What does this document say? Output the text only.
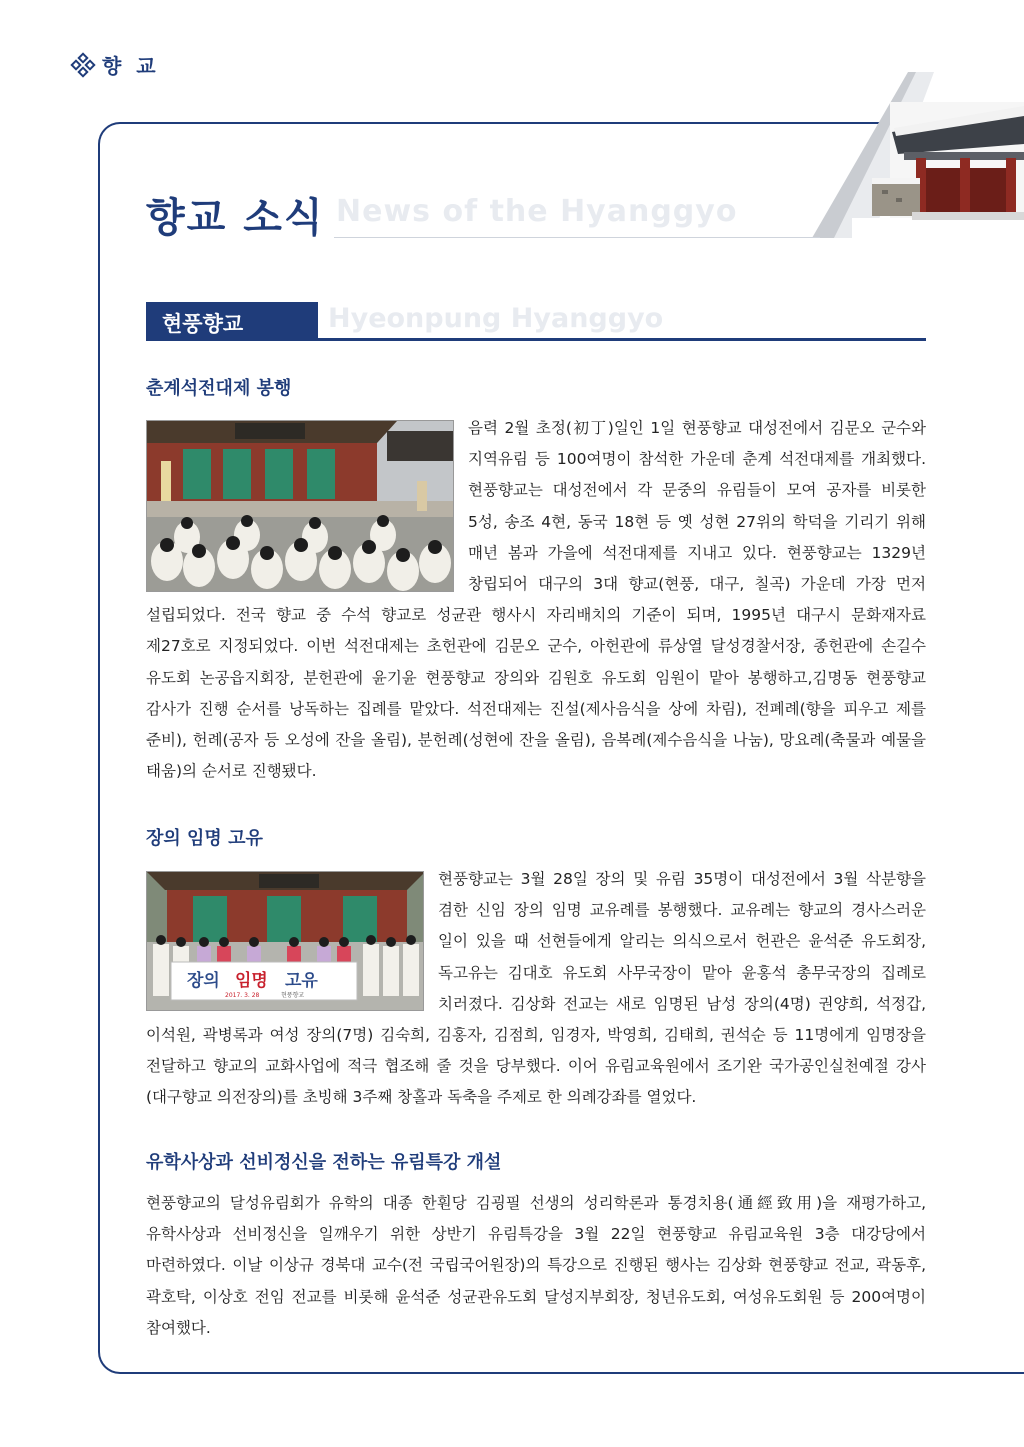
향 교
향교 소식 News of the Hyanggyo
현풍향교	Hyeonpung Hyanggyo
춘계석전대제 봉행
음력 2월 초정(初丁)일인 1일 현풍향교 대성전에서 김문오 군수와 지역유림 등 100여명이 참석한 가운데 춘계 석전대제를 개최했다. 현풍향교는 대성전에서 각 문중의 유림들이 모여 공자를 비롯한 5성, 송조 4현, 동국 18현 등 옛 성현 27위의 학덕을 기리기 위해 매년 봄과 가을에 석전대제를 지내고 있다. 현풍향교는 1329년 창립되어 대구의 3대 향교(현풍, 대구, 칠곡) 가운데 가장 먼저 설립되었다. 전국 향교 중 수석 향교로 성균관 행사시 자리배치의 기준이 되며, 1995년 대구시 문화재자료 제27호로 지정되었다. 이번 석전대제는 초헌관에 김문오 군수, 아헌관에 류상열 달성경찰서장, 종헌관에 손길수 유도회 논공읍지회장, 분헌관에 윤기윤 현풍향교 장의와 김원호 유도회 임원이 맡아 봉행하고,김명동 현풍향교 감사가 진행 순서를 낭독하는 집례를 맡았다. 석전대제는 진설(제사음식을 상에 차림), 전폐례(향을 피우고 제를 준비), 헌례(공자 등 오성에 잔을 올림), 분헌례(성현에 잔을 올림), 음복례(제수음식을 나눔), 망요례(축물과 예물을 태움)의 순서로 진행됐다.
장의 임명 고유
장의 임명 고유
2017. 3. 28	현풍향교
현풍향교는 3월 28일 장의 및 유림 35명이 대성전에서 3월 삭분향을 겸한 신임 장의 임명 교유례를 봉행했다. 교유례는 향교의 경사스러운 일이 있을 때 선현들에게 알리는 의식으로서 헌관은 윤석준 유도회장, 독고유는 김대호 유도회 사무국장이 맡아 윤홍석 총무국장의 집례로 치러졌다. 김상화 전교는 새로 임명된 남성 장의(4명) 권양희, 석정갑, 이석원, 곽병록과 여성 장의(7명) 김숙희, 김홍자, 김점희, 임경자, 박영희, 김태희, 권석순 등 11명에게 임명장을 전달하고 향교의 교화사업에 적극 협조해 줄 것을 당부했다. 이어 유림교육원에서 조기완 국가공인실천예절 강사(대구향교 의전장의)를 초빙해 3주째 창홀과 독축을 주제로 한 의례강좌를 열었다.
유학사상과 선비정신을 전하는 유림특강 개설
현풍향교의 달성유림회가 유학의 대종 한훤당 김굉필 선생의 성리학론과 통경치용(通經致用)을 재평가하고, 유학사상과 선비정신을 일깨우기 위한 상반기 유림특강을 3월 22일 현풍향교 유림교육원 3층 대강당에서 마련하였다. 이날 이상규 경북대 교수(전 국립국어원장)의 특강으로 진행된 행사는 김상화 현풍향교 전교, 곽동후, 곽호탁, 이상호 전임 전교를 비롯해 윤석준 성균관유도회 달성지부회장, 청년유도회, 여성유도회원 등 200여명이 참여했다.
